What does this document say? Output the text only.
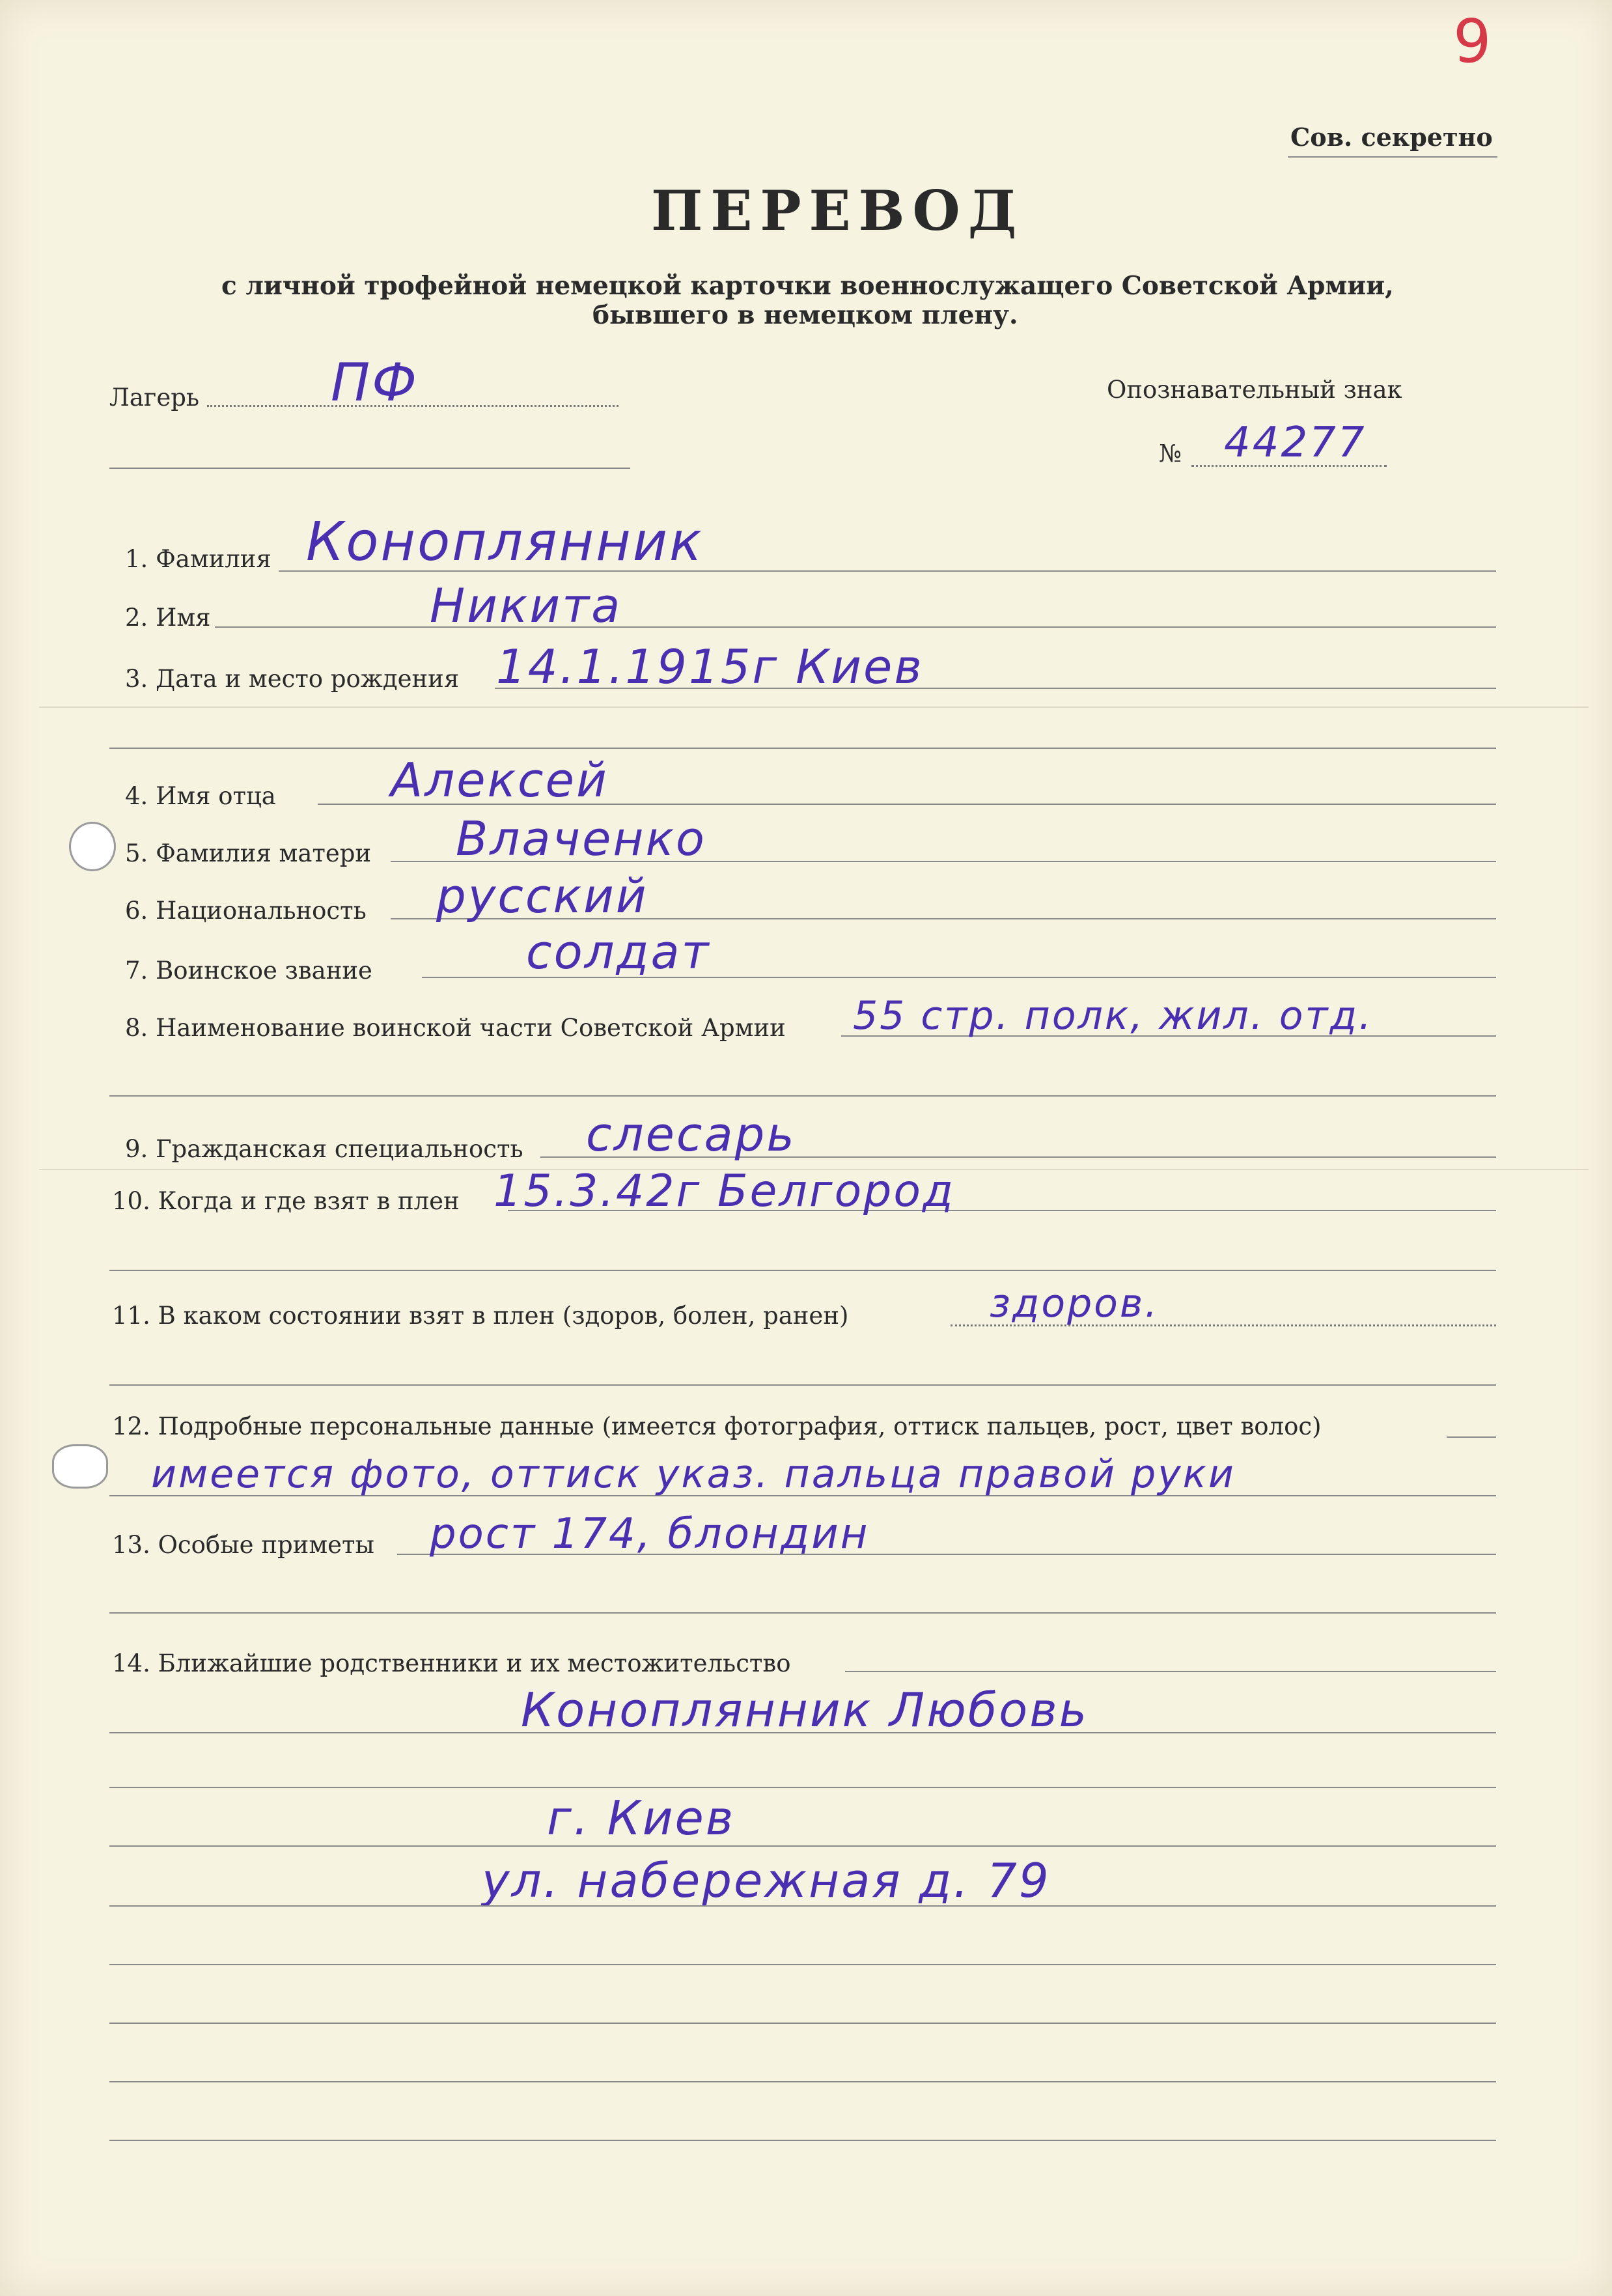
9
Сов. секретно
ПЕРЕВОД
с личной трофейной немецкой карточки военнослужащего Советской Армии,
бывшего в немецком плену.
Лагерь	ПФ	Опознавательный знак
№ 44277
1. Фамилия Коноплянник
2. Имя	Никита
3. Дата и место рождения 14.1.1915г Киев
4. Имя отца Алексей
5. Фамилия матери Влаченко
6. Национальность русский
7. Воинское звание	солдат
8. Наименование воинской части Советской Армии 55 стр. полк, жил. отд.
9. Гражданская специальность слесарь
10. Когда и где взят в плен 15.3.42г Белгород
11. В каком состоянии взят в плен (здоров, болен, ранен)	здоров.
12. Подробные персональные данные (имеется фотография, оттиск пальцев, рост, цвет волос)
имеется фото, оттиск указ. пальца правой руки
13. Особые приметы рост 174, блондин
14. Ближайшие родственники и их местожительство
Коноплянник Любовь
г. Киев
ул. набережная д. 79
